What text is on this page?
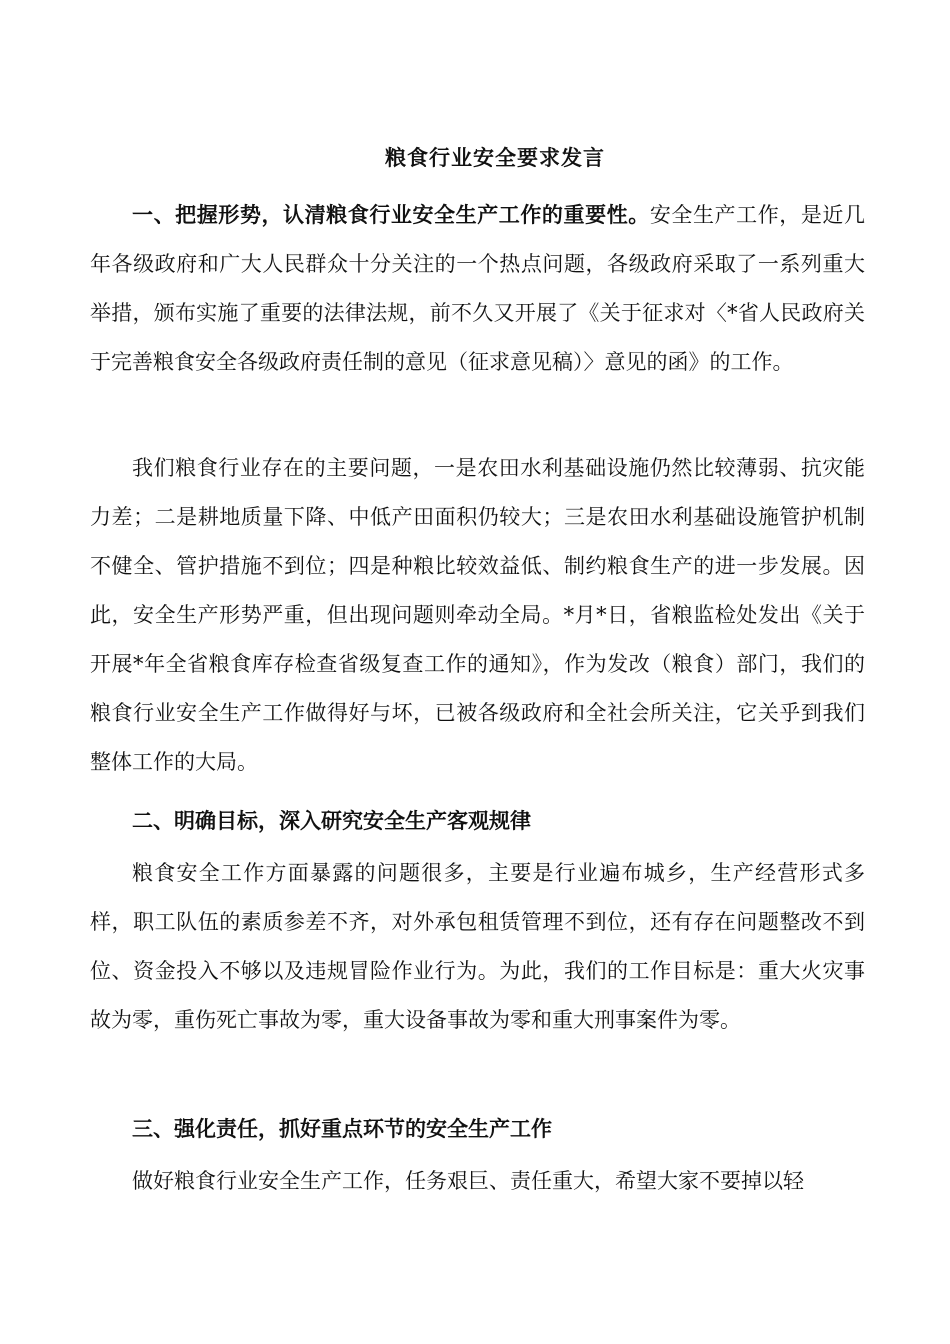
粮食行业安全要求发言

一、把握形势，认清粮食行业安全生产工作的重要性。安全生产工作，是近几年各级政府和广大人民群众十分关注的一个热点问题，各级政府采取了一系列重大举措，颁布实施了重要的法律法规，前不久又开展了《关于征求对〈*省人民政府关于完善粮食安全各级政府责任制的意见（征求意见稿）〉意见的函》的工作。

我们粮食行业存在的主要问题，一是农田水利基础设施仍然比较薄弱、抗灾能力差；二是耕地质量下降、中低产田面积仍较大；三是农田水利基础设施管护机制不健全、管护措施不到位；四是种粮比较效益低、制约粮食生产的进一步发展。因此，安全生产形势严重，但出现问题则牵动全局。*月*日，省粮监检处发出《关于开展*年全省粮食库存检查省级复查工作的通知》，作为发改（粮食）部门，我们的粮食行业安全生产工作做得好与坏，已被各级政府和全社会所关注，它关乎到我们整体工作的大局。

二、明确目标，深入研究安全生产客观规律

粮食安全工作方面暴露的问题很多，主要是行业遍布城乡，生产经营形式多样，职工队伍的素质参差不齐，对外承包租赁管理不到位，还有存在问题整改不到位、资金投入不够以及违规冒险作业行为。为此，我们的工作目标是：重大火灾事故为零，重伤死亡事故为零，重大设备事故为零和重大刑事案件为零。

三、强化责任，抓好重点环节的安全生产工作

做好粮食行业安全生产工作，任务艰巨、责任重大，希望大家不要掉以轻
